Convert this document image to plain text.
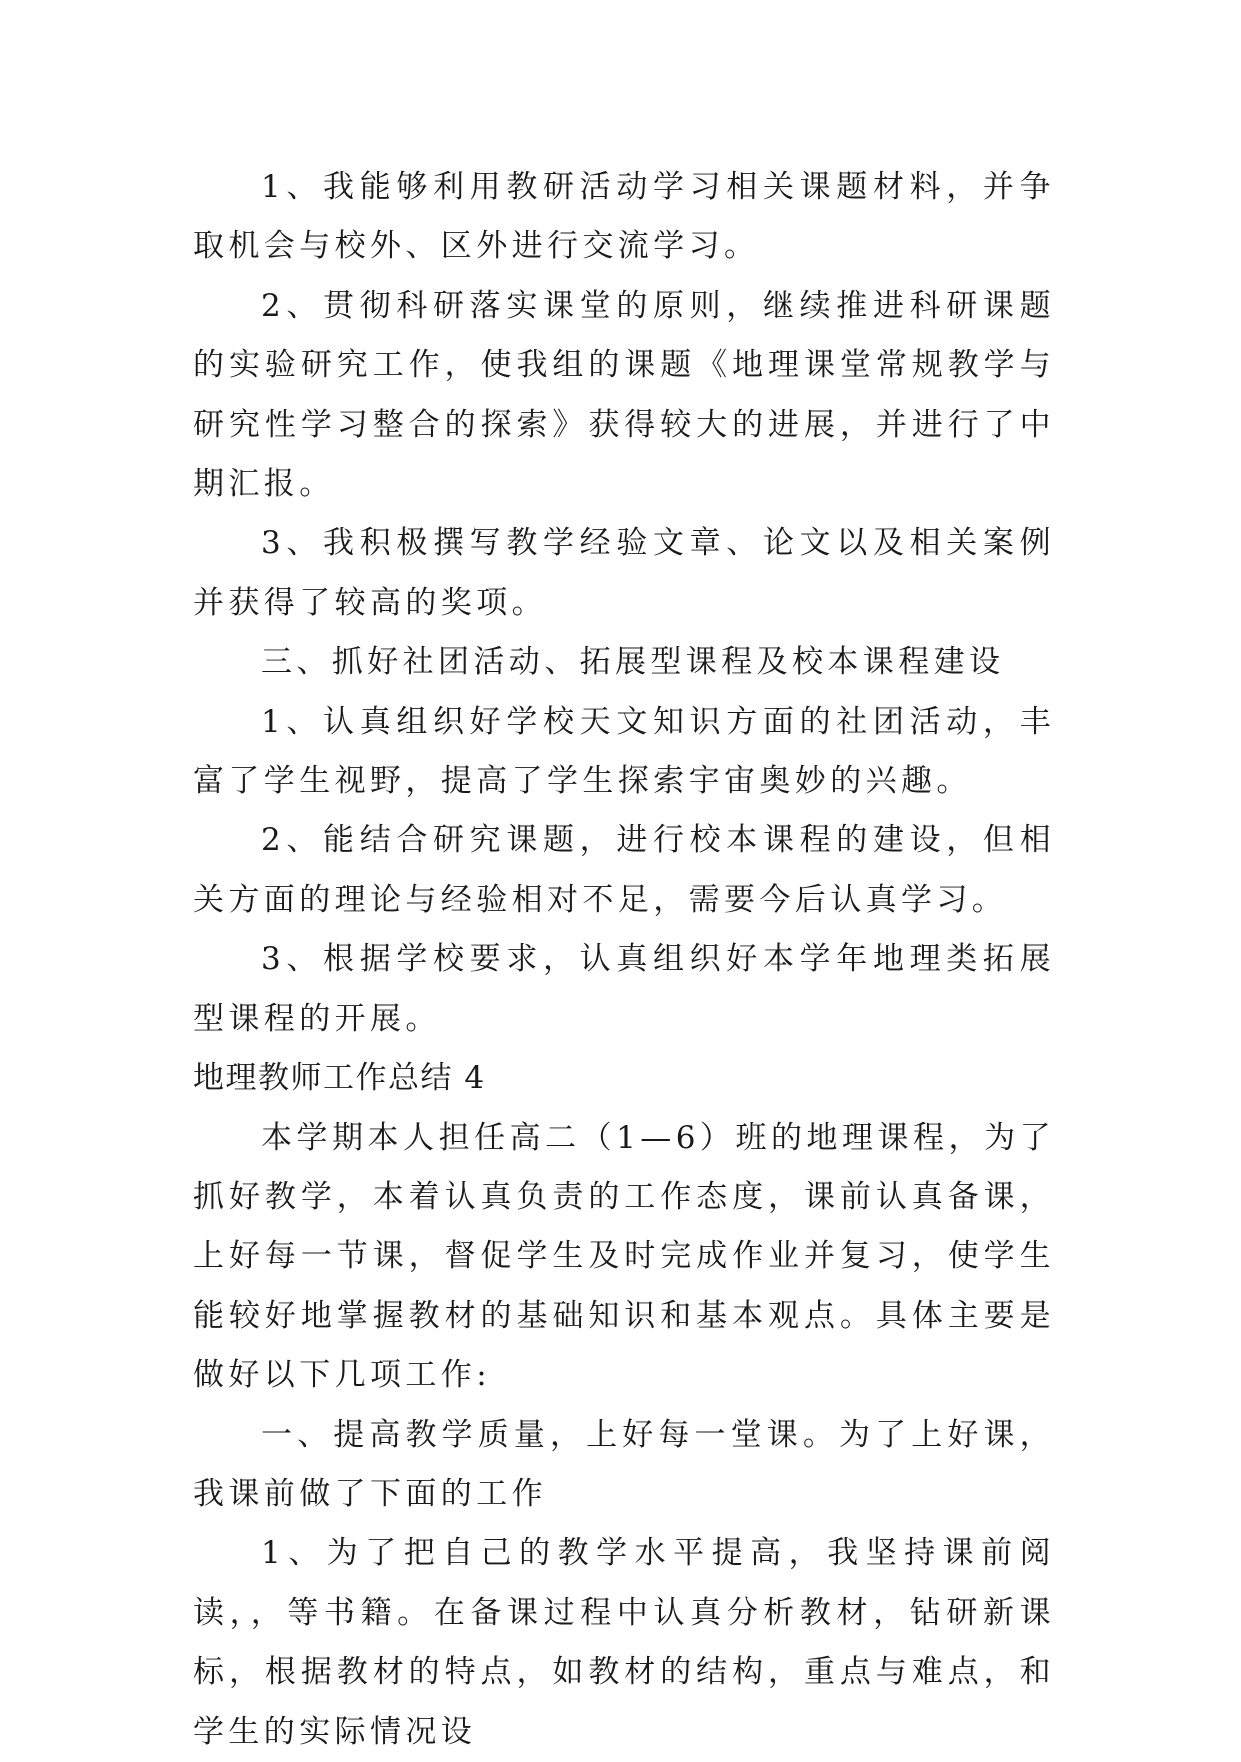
1、我能够利用教研活动学习相关课题材料，并争取机会与校外、区外进行交流学习。

2、贯彻科研落实课堂的原则，继续推进科研课题的实验研究工作，使我组的课题《地理课堂常规教学与研究性学习整合的探索》获得较大的进展，并进行了中期汇报。

3、我积极撰写教学经验文章、论文以及相关案例并获得了较高的奖项。

三、抓好社团活动、拓展型课程及校本课程建设

1、认真组织好学校天文知识方面的社团活动，丰富了学生视野，提高了学生探索宇宙奥妙的兴趣。

2、能结合研究课题，进行校本课程的建设，但相关方面的理论与经验相对不足，需要今后认真学习。

3、根据学校要求，认真组织好本学年地理类拓展型课程的开展。

地理教师工作总结 4

本学期本人担任高二（1—6）班的地理课程，为了抓好教学，本着认真负责的工作态度，课前认真备课，上好每一节课，督促学生及时完成作业并复习，使学生能较好地掌握教材的基础知识和基本观点。具体主要是做好以下几项工作:

一、提高教学质量，上好每一堂课。为了上好课，我课前做了下面的工作

1、为了把自己的教学水平提高，我坚持课前阅读，，等书籍。在备课过程中认真分析教材，钻研新课标，根据教材的特点，如教材的结构，重点与难点，和学生的实际情况设
